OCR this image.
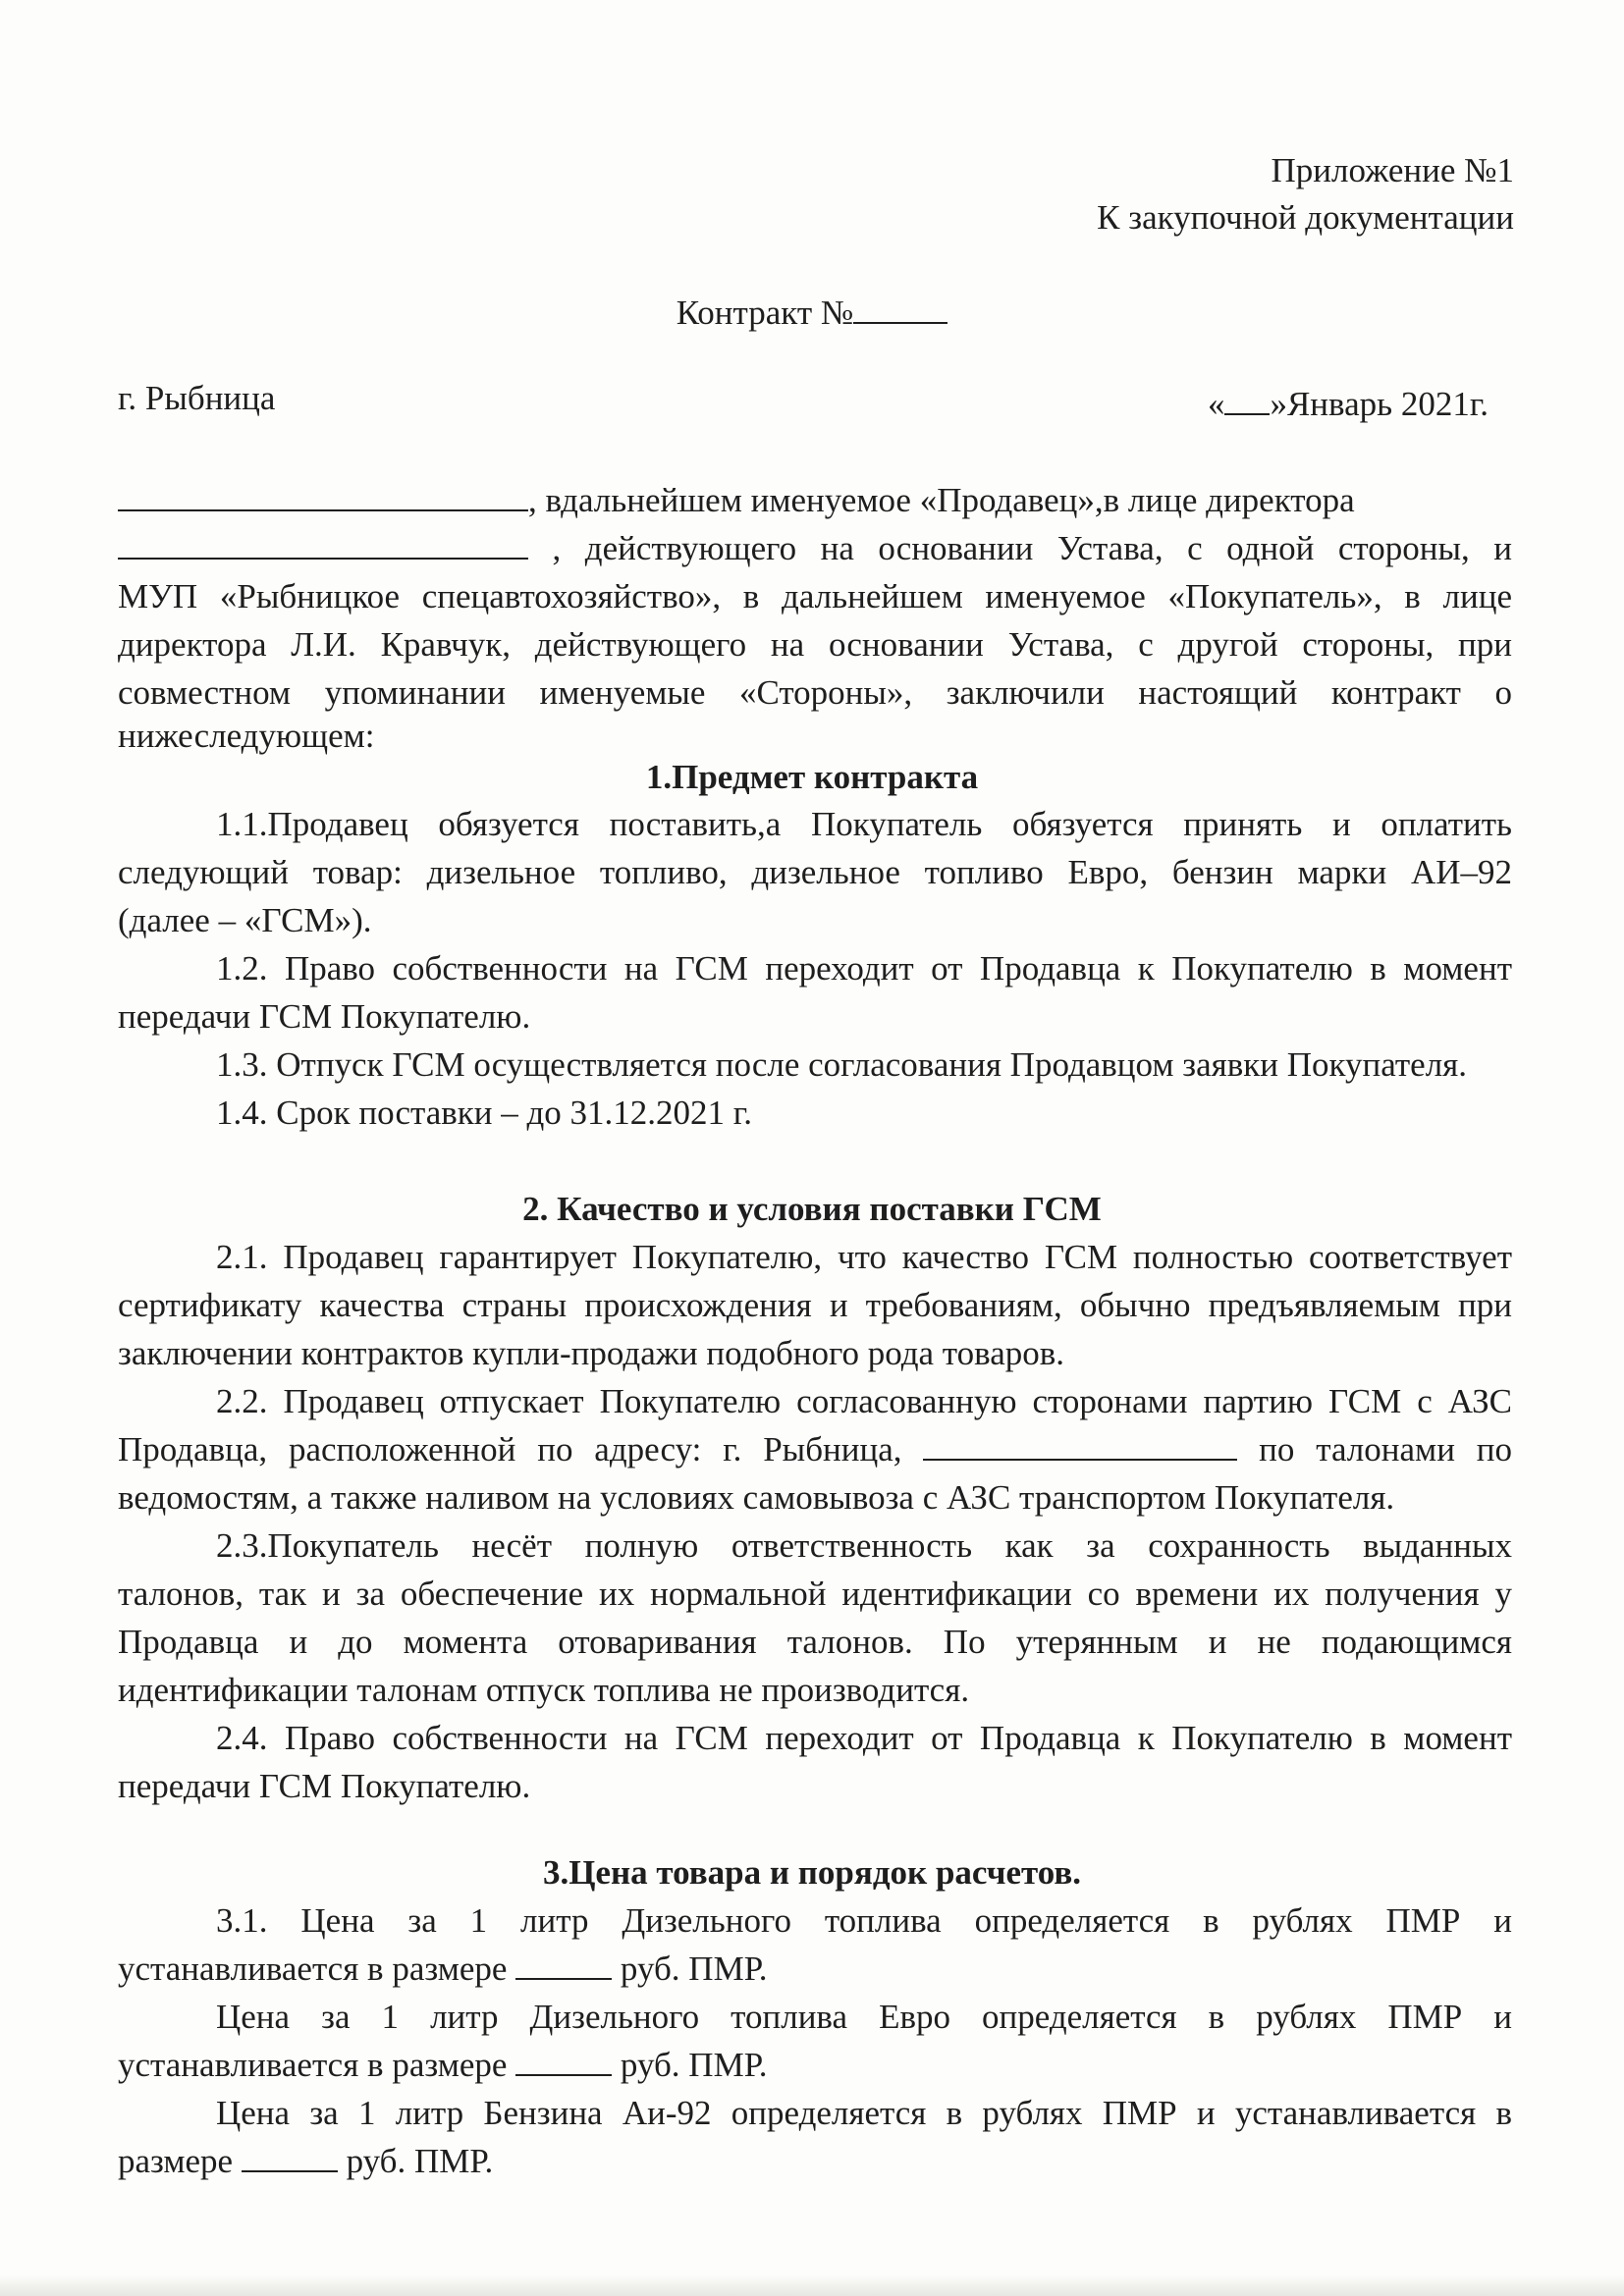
Приложение №1
К закупочной документации
Контракт №
г. Рыбница	« »Январь 2021г.
, вдальнейшем именуемое «Продавец»,в лице директора
, действующего на основании Устава, с одной стороны, и
МУП «Рыбницкое спецавтохозяйство», в дальнейшем именуемое «Покупатель», в лице
директора Л.И. Кравчук, действующего на основании Устава, с другой стороны, при
совместном упоминании именуемые «Стороны», заключили настоящий контракт о
нижеследующем:
1.Предмет контракта
1.1.Продавец обязуется поставить,а Покупатель обязуется принять и оплатить
следующий товар: дизельное топливо, дизельное топливо Евро, бензин марки АИ–92
(далее – «ГСМ»).
1.2. Право собственности на ГСМ переходит от Продавца к Покупателю в момент
передачи ГСМ Покупателю.
1.3. Отпуск ГСМ осуществляется после согласования Продавцом заявки Покупателя.
1.4. Срок поставки – до 31.12.2021 г.
2. Качество и условия поставки ГСМ
2.1. Продавец гарантирует Покупателю, что качество ГСМ полностью соответствует
сертификату качества страны происхождения и требованиям, обычно предъявляемым при
заключении контрактов купли-продажи подобного рода товаров.
2.2. Продавец отпускает Покупателю согласованную сторонами партию ГСМ с АЗС
Продавца, расположенной по адресу: г. Рыбница,	по талонами по
ведомостям, а также наливом на условиях самовывоза с АЗС транспортом Покупателя.
2.3.Покупатель несёт полную ответственность как за сохранность выданных
талонов, так и за обеспечение их нормальной идентификации со времени их получения у
Продавца и до момента отоваривания талонов. По утерянным и не подающимся
идентификации талонам отпуск топлива не производится.
2.4. Право собственности на ГСМ переходит от Продавца к Покупателю в момент
передачи ГСМ Покупателю.
3.Цена товара и порядок расчетов.
3.1. Цена за 1 литр Дизельного топлива определяется в рублях ПМР и
устанавливается в размере	руб. ПМР.
Цена за 1 литр Дизельного топлива Евро определяется в рублях ПМР и
устанавливается в размере	руб. ПМР.
Цена за 1 литр Бензина Аи-92 определяется в рублях ПМР и устанавливается в
размере	руб. ПМР.
